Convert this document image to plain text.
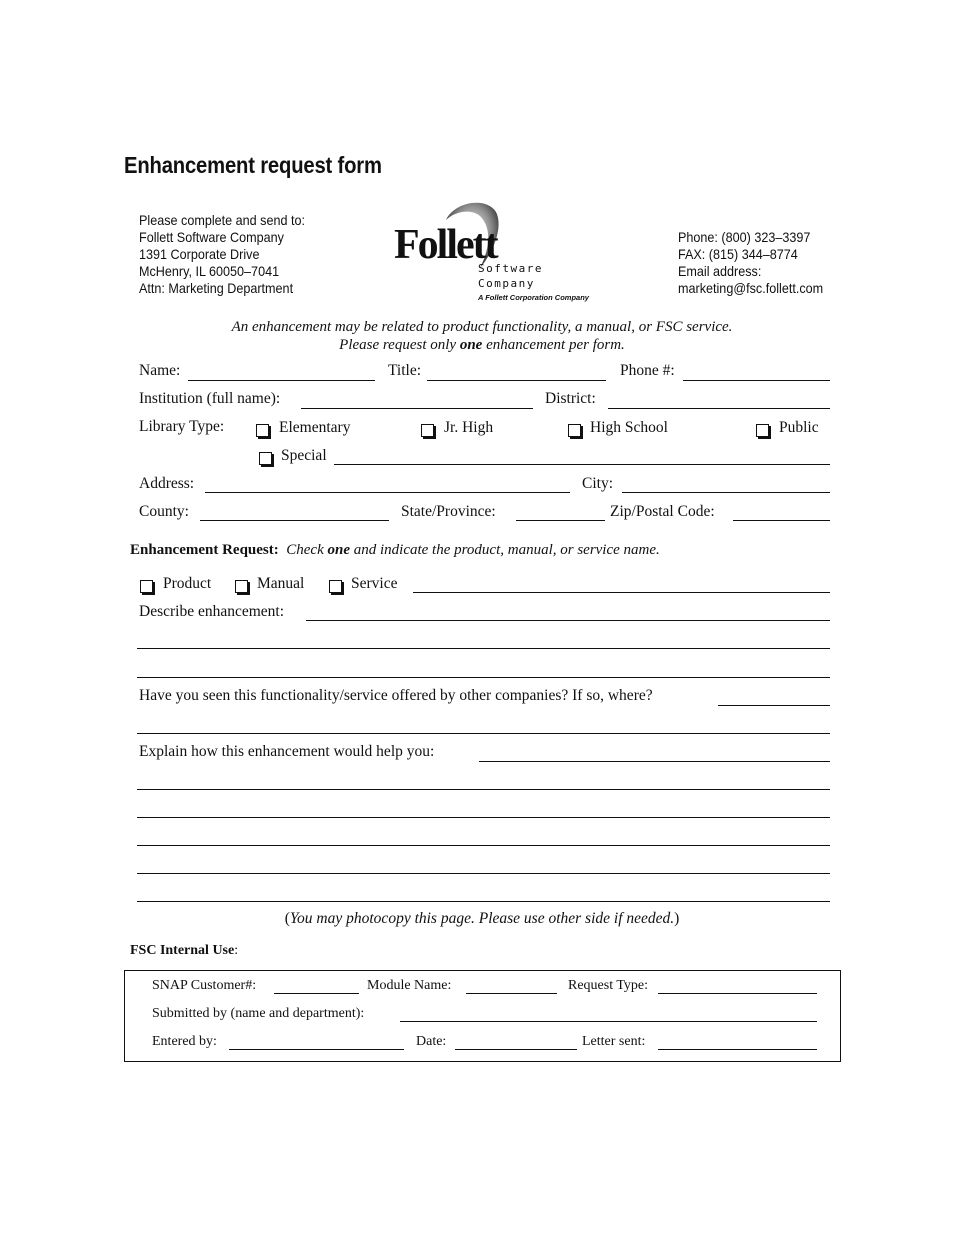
Enhancement request form
Please complete and send to:
Follett Software Company
1391 Corporate Drive
McHenry, IL 60050–7041
Attn: Marketing Department
Follett
Software
Company
A Follett Corporation Company
Phone: (800) 323–3397
FAX: (815) 344–8774
Email address:
marketing@fsc.follett.com
An enhancement may be related to product functionality, a manual, or FSC service.
Please request only one enhancement per form.
Name:	Title:	Phone #:
Institution (full name):	District:
Library Type:	Elementary	Jr. High	High School	Public
Special
Address:	City:
County:	State/Province:	Zip/Postal Code:
Enhancement Request: Check one and indicate the product, manual, or service name.
Product	Manual	Service
Describe enhancement:
Have you seen this functionality/service offered by other companies? If so, where?
Explain how this enhancement would help you:
(You may photocopy this page. Please use other side if needed.)
FSC Internal Use:
SNAP Customer#:	Module Name:	Request Type:
Submitted by (name and department):
Entered by:	Date:	Letter sent:
